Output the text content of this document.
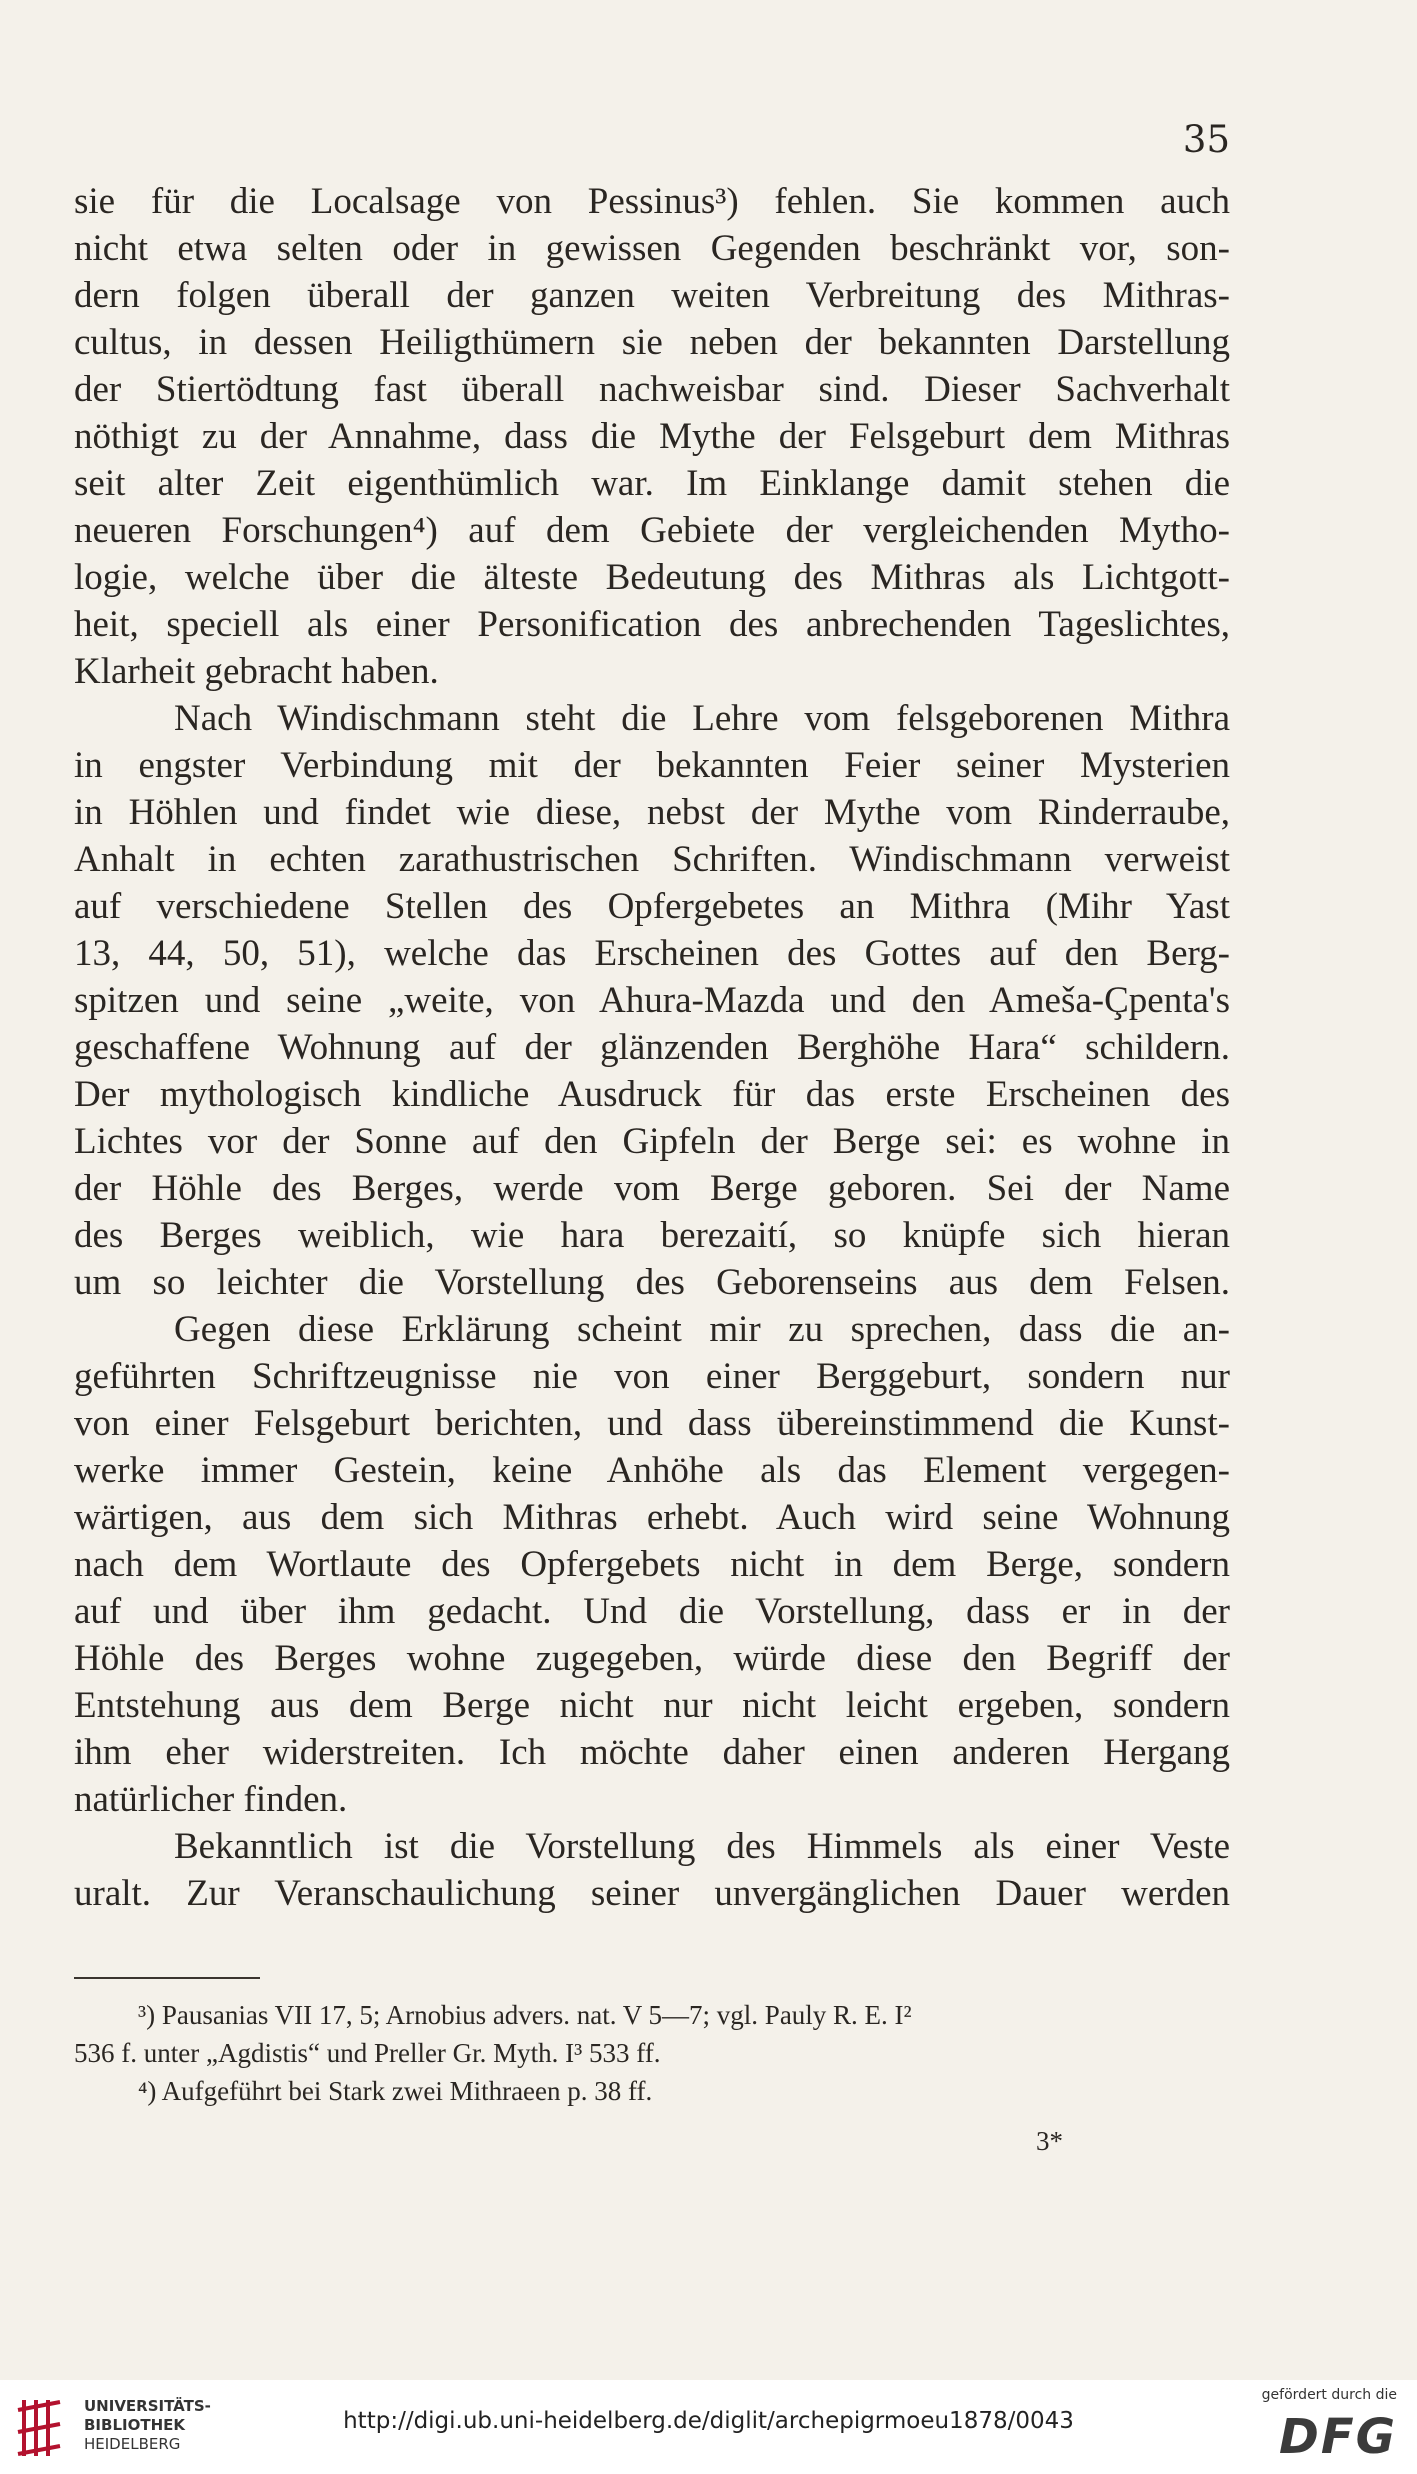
35

sie für die Localsage von Pessinus³) fehlen. Sie kommen auch
nicht etwa selten oder in gewissen Gegenden beschränkt vor, son-
dern folgen überall der ganzen weiten Verbreitung des Mithras-
cultus, in dessen Heiligthümern sie neben der bekannten Darstellung
der Stiertödtung fast überall nachweisbar sind. Dieser Sachverhalt
nöthigt zu der Annahme, dass die Mythe der Felsgeburt dem Mithras
seit alter Zeit eigenthümlich war. Im Einklange damit stehen die
neueren Forschungen⁴) auf dem Gebiete der vergleichenden Mytho-
logie, welche über die älteste Bedeutung des Mithras als Lichtgott-
heit, speciell als einer Personification des anbrechenden Tageslichtes,
Klarheit gebracht haben.

Nach Windischmann steht die Lehre vom felsgeborenen Mithra
in engster Verbindung mit der bekannten Feier seiner Mysterien
in Höhlen und findet wie diese, nebst der Mythe vom Rinderraube,
Anhalt in echten zarathustrischen Schriften. Windischmann verweist
auf verschiedene Stellen des Opfergebetes an Mithra (Mihr Yast
13, 44, 50, 51), welche das Erscheinen des Gottes auf den Berg-
spitzen und seine „weite, von Ahura-Mazda und den Ameša-Çpenta's
geschaffene Wohnung auf der glänzenden Berghöhe Hara“ schildern.
Der mythologisch kindliche Ausdruck für das erste Erscheinen des
Lichtes vor der Sonne auf den Gipfeln der Berge sei: es wohne in
der Höhle des Berges, werde vom Berge geboren. Sei der Name
des Berges weiblich, wie hara berezaití, so knüpfe sich hieran
um so leichter die Vorstellung des Geborenseins aus dem Felsen.

Gegen diese Erklärung scheint mir zu sprechen, dass die an-
geführten Schriftzeugnisse nie von einer Berggeburt, sondern nur
von einer Felsgeburt berichten, und dass übereinstimmend die Kunst-
werke immer Gestein, keine Anhöhe als das Element vergegen-
wärtigen, aus dem sich Mithras erhebt. Auch wird seine Wohnung
nach dem Wortlaute des Opfergebets nicht in dem Berge, sondern
auf und über ihm gedacht. Und die Vorstellung, dass er in der
Höhle des Berges wohne zugegeben, würde diese den Begriff der
Entstehung aus dem Berge nicht nur nicht leicht ergeben, sondern
ihm eher widerstreiten. Ich möchte daher einen anderen Hergang
natürlicher finden.

Bekanntlich ist die Vorstellung des Himmels als einer Veste
uralt. Zur Veranschaulichung seiner unvergänglichen Dauer werden

³) Pausanias VII 17, 5; Arnobius advers. nat. V 5—7; vgl. Pauly R. E. I²
536 f. unter „Agdistis“ und Preller Gr. Myth. I³ 533 ff.
⁴) Aufgeführt bei Stark zwei Mithraeen p. 38 ff.
3*
UNIVERSITÄTS-
BIBLIOTHEK
HEIDELBERG
http://digi.ub.uni-heidelberg.de/diglit/archepigrmoeu1878/0043
gefördert durch die
DFG
